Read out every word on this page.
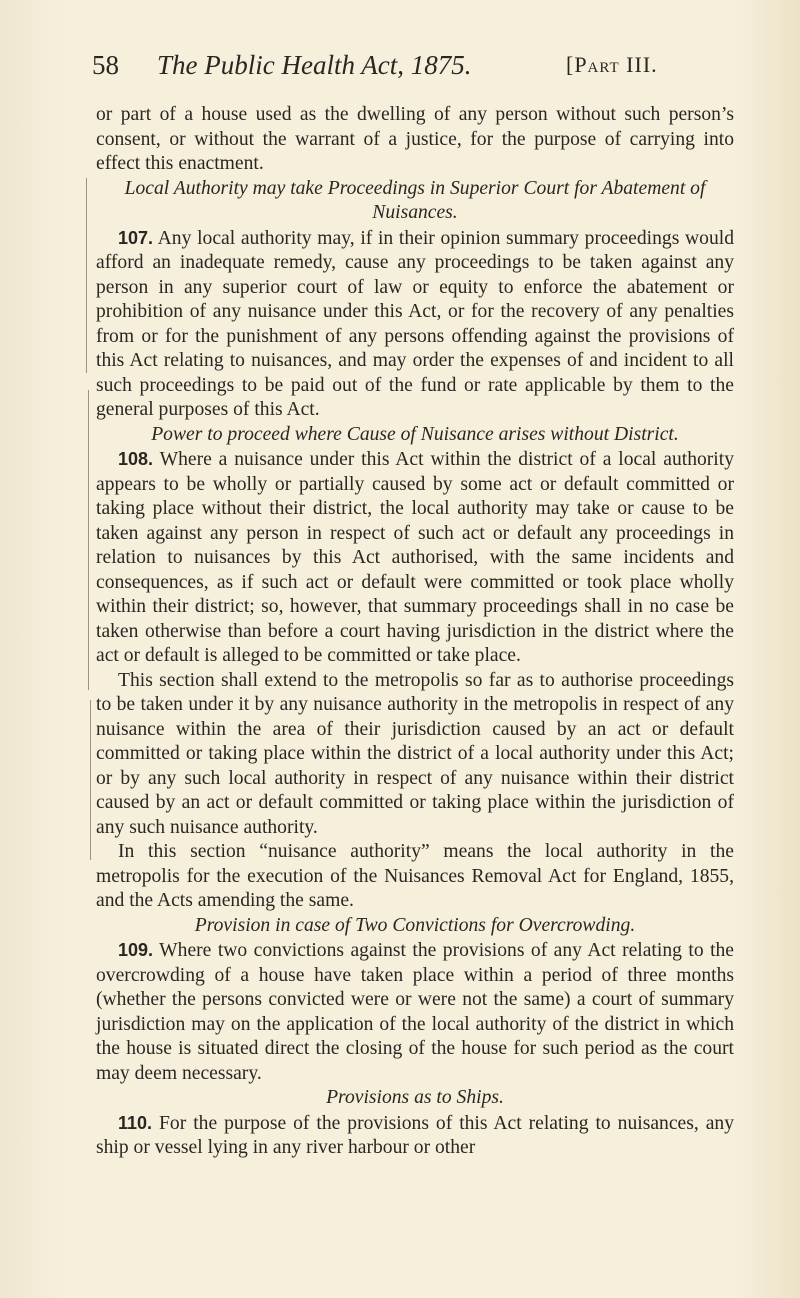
58 The Public Health Act, 1875.	[Part III.

or part of a house used as the dwelling of any person without such person’s consent, or without the warrant of a justice, for the purpose of carrying into effect this enactment.

Local Authority may take Proceedings in Superior Court for Abatement of Nuisances.

107. Any local authority may, if in their opinion summary proceedings would afford an inadequate remedy, cause any proceedings to be taken against any person in any superior court of law or equity to enforce the abatement or prohibition of any nuisance under this Act, or for the recovery of any penalties from or for the punishment of any persons offending against the provisions of this Act relating to nuisances, and may order the expenses of and incident to all such proceedings to be paid out of the fund or rate applicable by them to the general purposes of this Act.

Power to proceed where Cause of Nuisance arises without District.

108. Where a nuisance under this Act within the district of a local authority appears to be wholly or partially caused by some act or default committed or taking place without their district, the local authority may take or cause to be taken against any person in respect of such act or default any proceedings in relation to nuisances by this Act authorised, with the same incidents and consequences, as if such act or default were committed or took place wholly within their district; so, however, that summary proceedings shall in no case be taken otherwise than before a court having jurisdiction in the district where the act or default is alleged to be committed or take place.

This section shall extend to the metropolis so far as to authorise proceedings to be taken under it by any nuisance authority in the metropolis in respect of any nuisance within the area of their jurisdiction caused by an act or default committed or taking place within the district of a local authority under this Act; or by any such local authority in respect of any nuisance within their district caused by an act or default committed or taking place within the jurisdiction of any such nuisance authority.

In this section “nuisance authority” means the local authority in the metropolis for the execution of the Nuisances Removal Act for England, 1855, and the Acts amending the same.

Provision in case of Two Convictions for Overcrowding.

109. Where two convictions against the provisions of any Act relating to the overcrowding of a house have taken place within a period of three months (whether the persons convicted were or were not the same) a court of summary jurisdiction may on the application of the local authority of the district in which the house is situated direct the closing of the house for such period as the court may deem necessary.

Provisions as to Ships.

110. For the purpose of the provisions of this Act relating to nuisances, any ship or vessel lying in any river harbour or other
